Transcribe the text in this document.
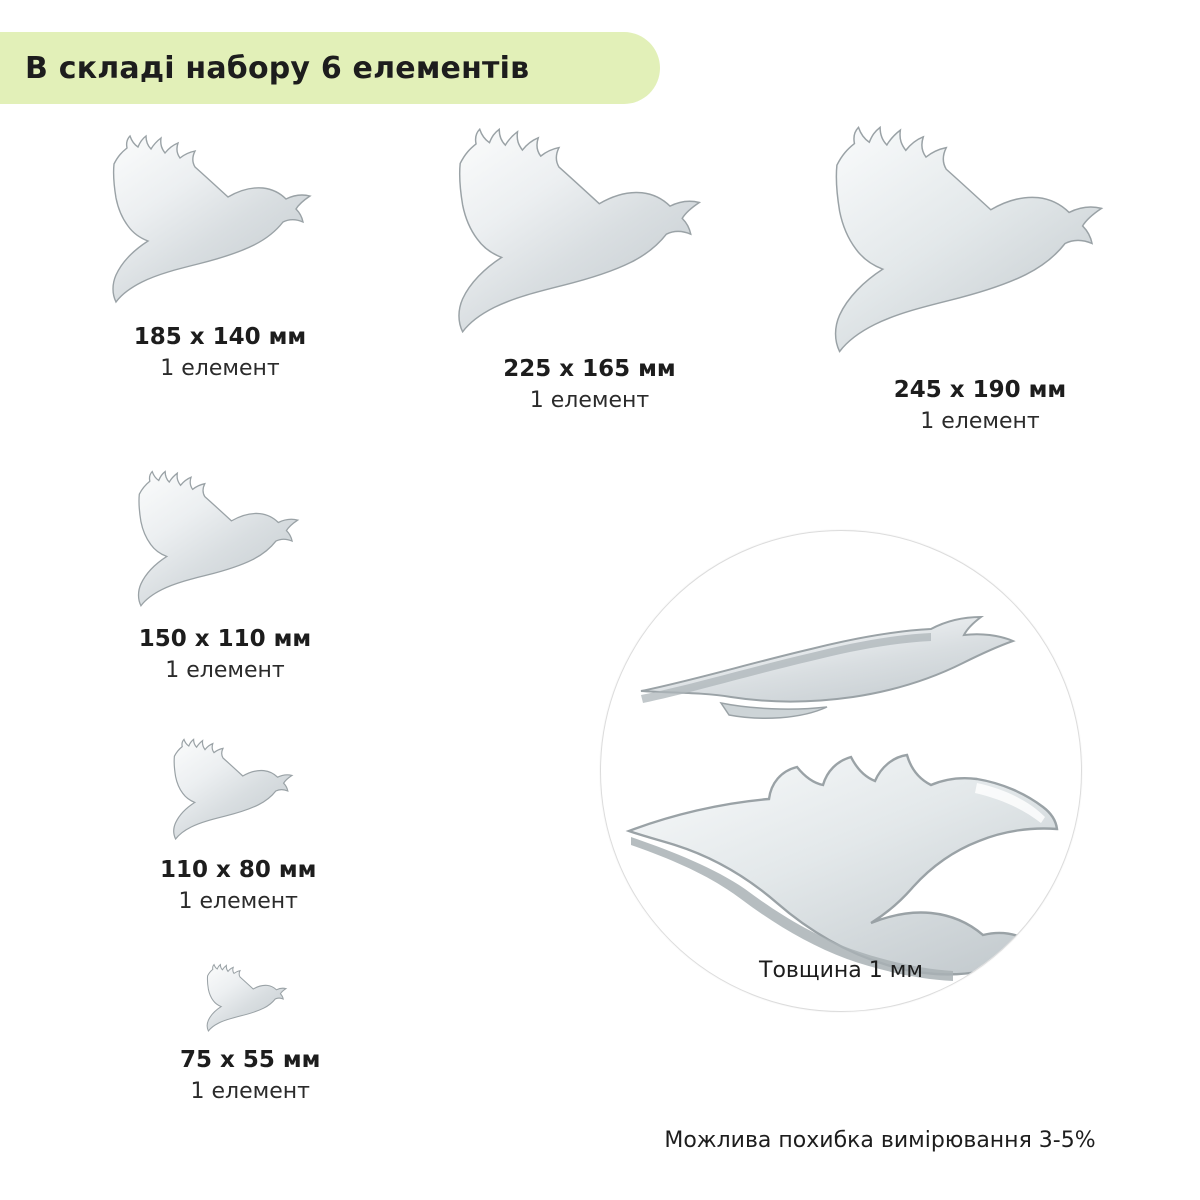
В складі набору 6 елементів
185 x 140 мм
1 елемент	225 x 165 мм
1 елемент	245 x 190 мм
1 елемент
150 x 110 мм
1 елемент
110 x 80 мм
1 елемент
75 x 55 мм
1 елемент
Товщина 1 мм
Можлива похибка вимірювання 3-5%
